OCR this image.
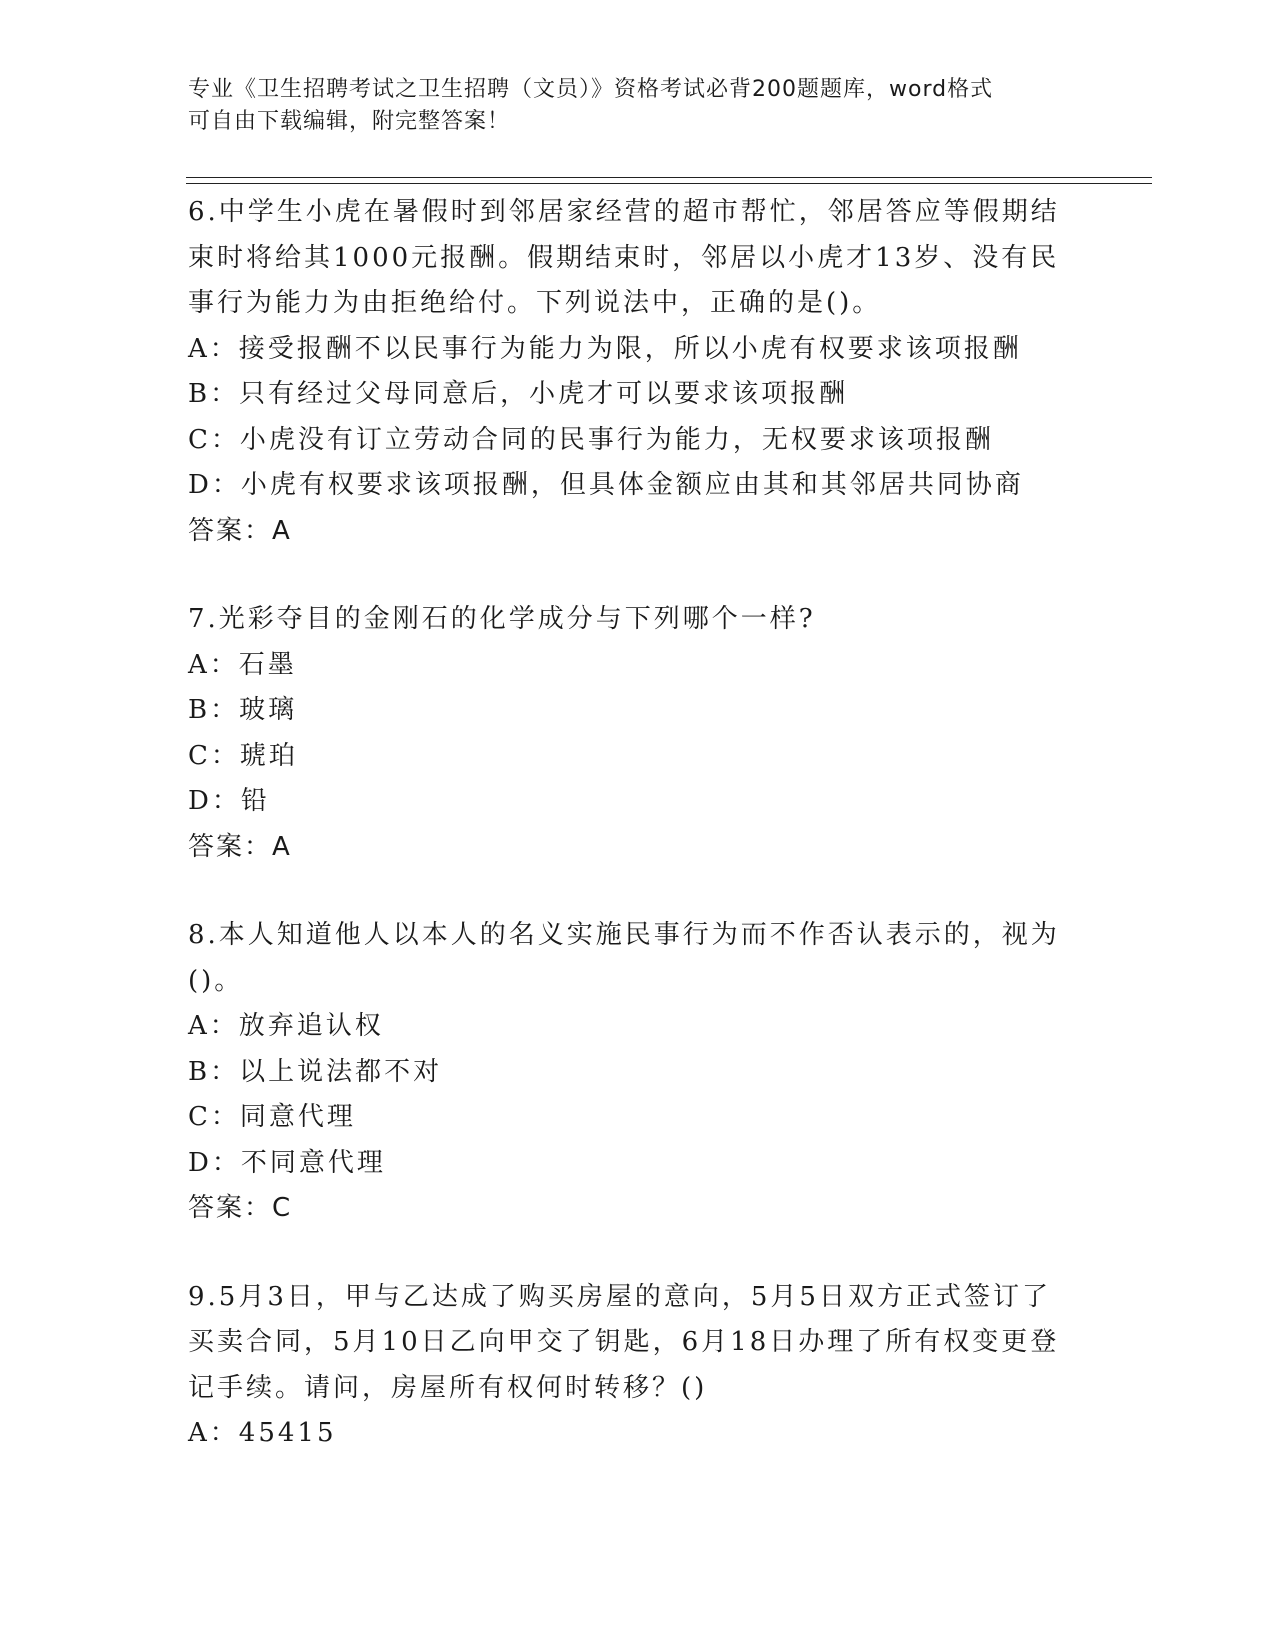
专业《卫生招聘考试之卫生招聘（文员）》资格考试必背200题题库，word格式
可自由下载编辑，附完整答案！
6.中学生小虎在暑假时到邻居家经营的超市帮忙，邻居答应等假期结
束时将给其1000元报酬。假期结束时，邻居以小虎才13岁、没有民
事行为能力为由拒绝给付。下列说法中，正确的是()。
A：接受报酬不以民事行为能力为限，所以小虎有权要求该项报酬
B：只有经过父母同意后，小虎才可以要求该项报酬
C：小虎没有订立劳动合同的民事行为能力，无权要求该项报酬
D：小虎有权要求该项报酬，但具体金额应由其和其邻居共同协商
答案：A
7.光彩夺目的金刚石的化学成分与下列哪个一样?
A：石墨
B：玻璃
C：琥珀
D：铅
答案：A
8.本人知道他人以本人的名义实施民事行为而不作否认表示的，视为
()。
A：放弃追认权
B：以上说法都不对
C：同意代理
D：不同意代理
答案：C
9.5月3日，甲与乙达成了购买房屋的意向，5月5日双方正式签订了
买卖合同，5月10日乙向甲交了钥匙，6月18日办理了所有权变更登
记手续。请问，房屋所有权何时转移？()
A：45415
